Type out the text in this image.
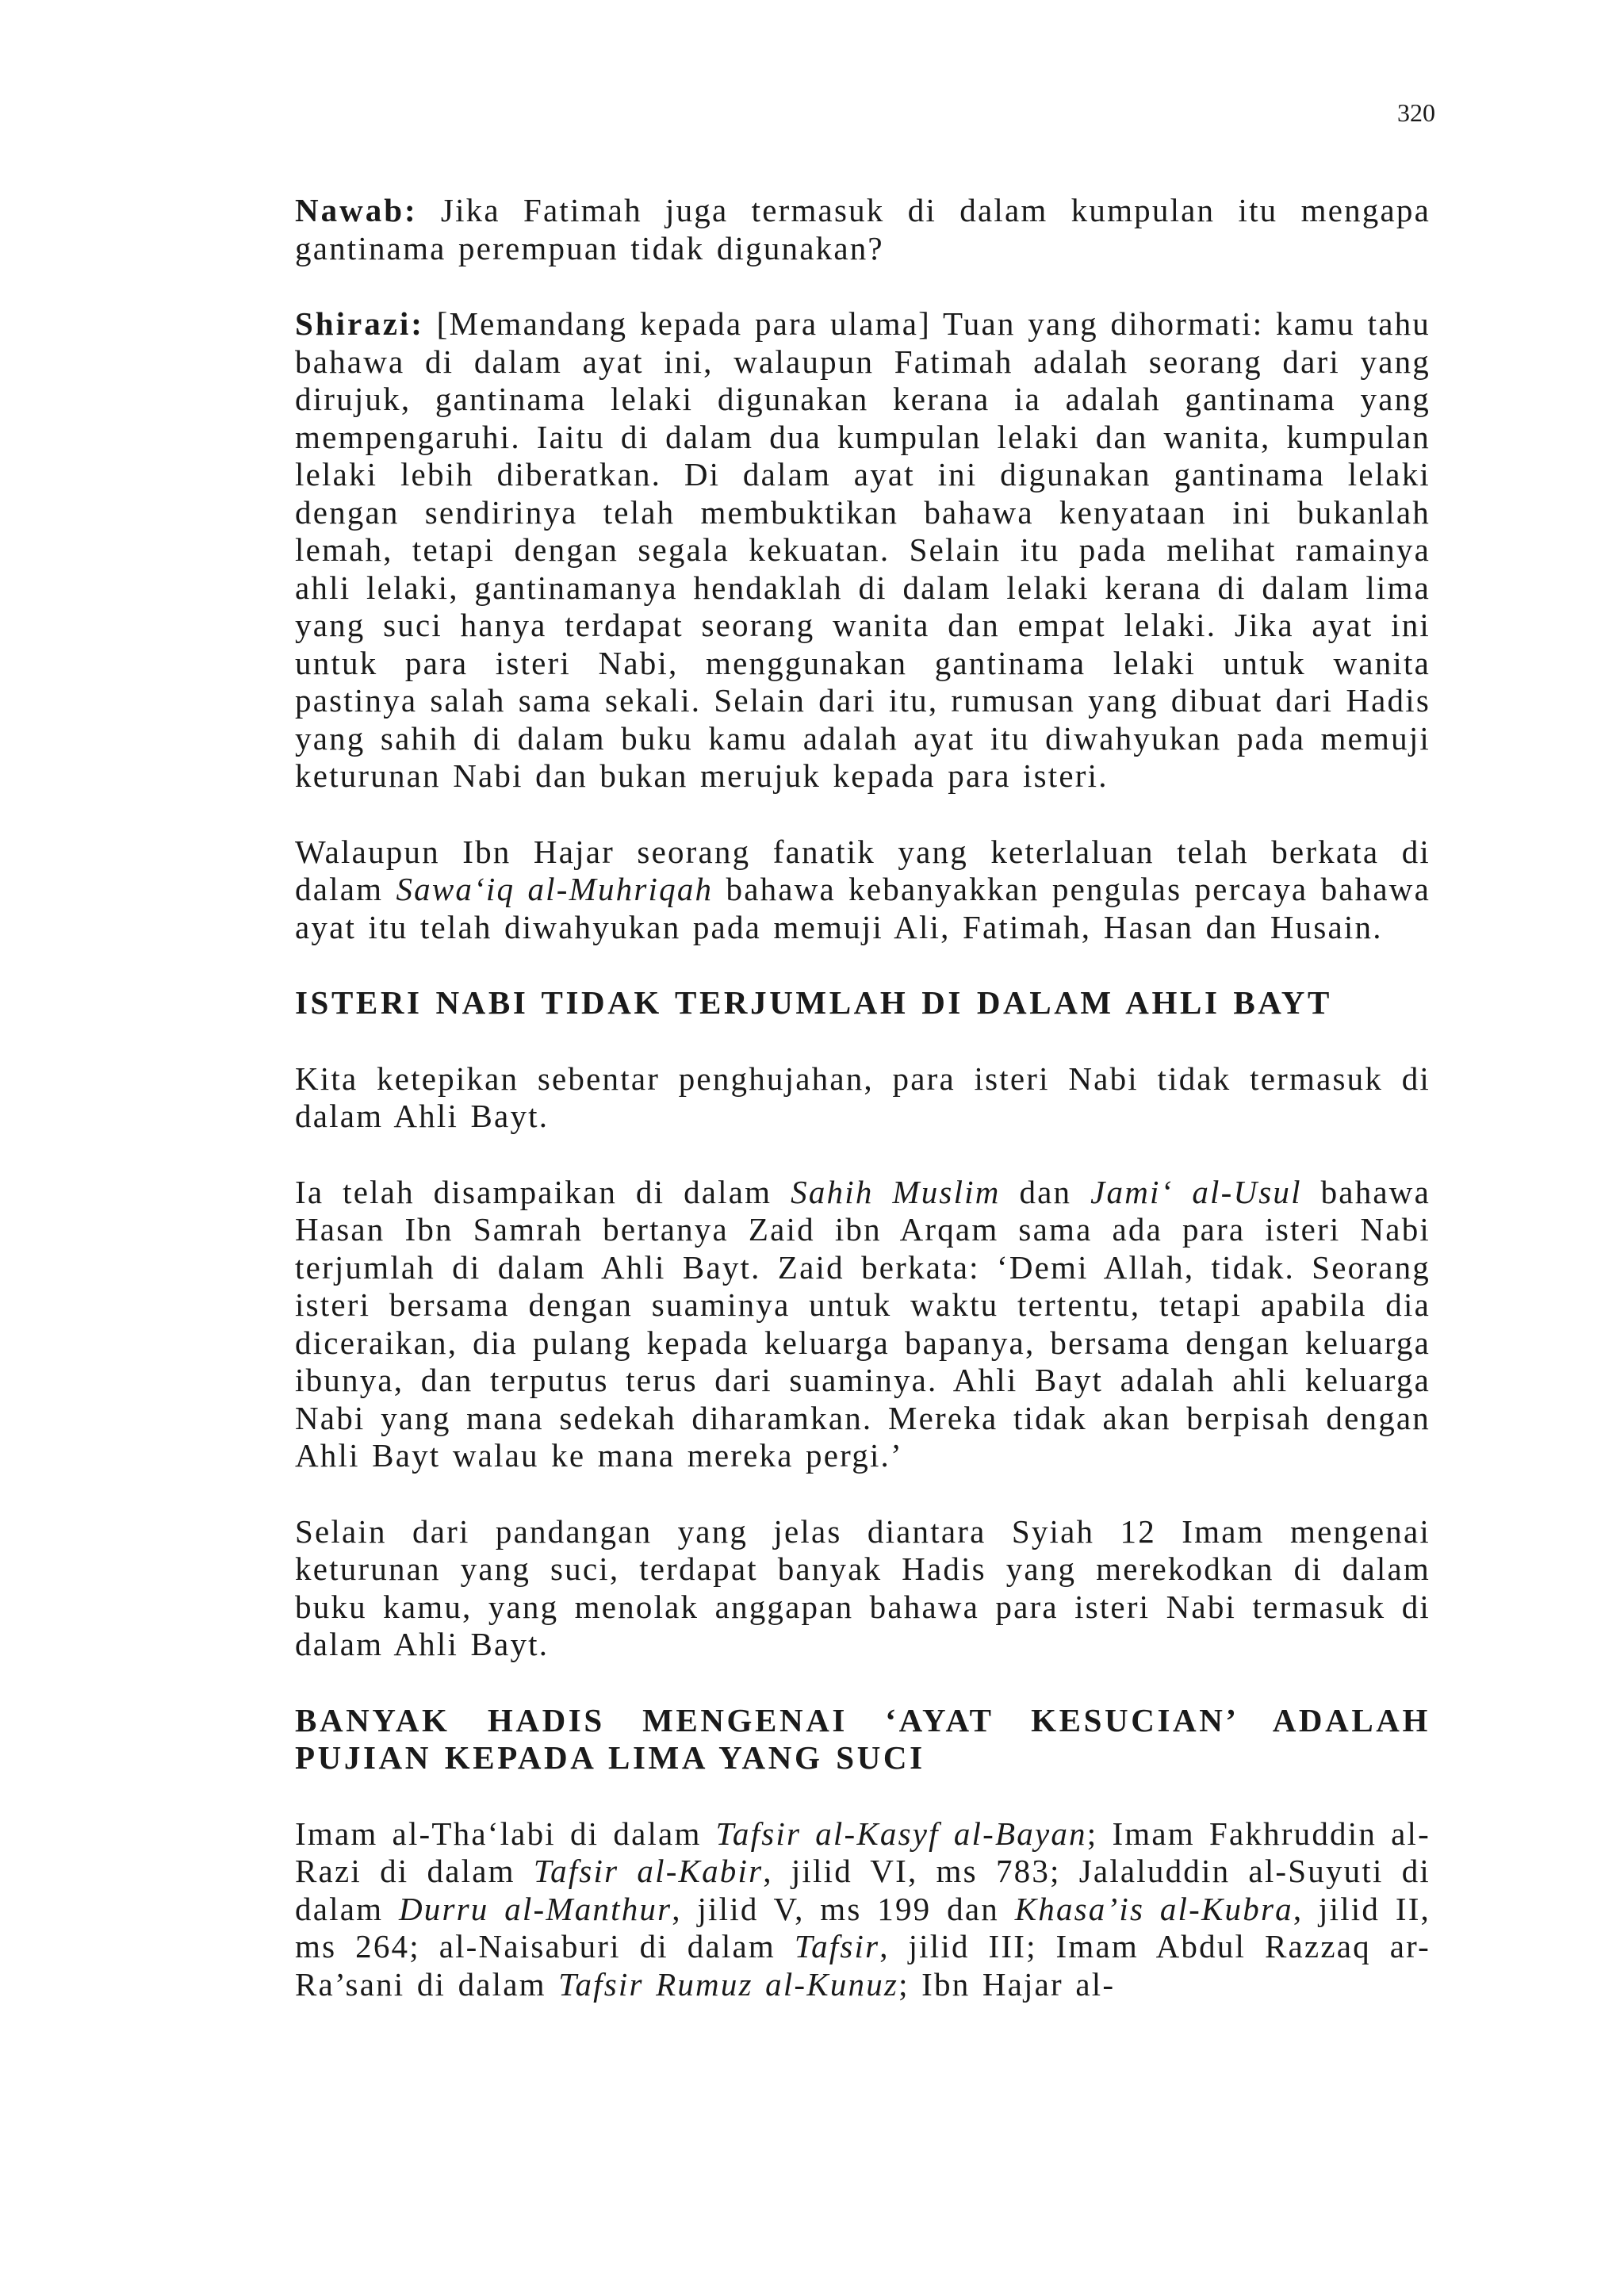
320

Nawab: Jika Fatimah juga termasuk di dalam kumpulan itu mengapa gantinama perempuan tidak digunakan?

Shirazi: [Memandang kepada para ulama] Tuan yang dihormati: kamu tahu bahawa di dalam ayat ini, walaupun Fatimah adalah seorang dari yang dirujuk, gantinama lelaki digunakan kerana ia adalah gantinama yang mempengaruhi. Iaitu di dalam dua kumpulan lelaki dan wanita, kumpulan lelaki lebih diberatkan. Di dalam ayat ini digunakan gantinama lelaki dengan sendirinya telah membuktikan bahawa kenyataan ini bukanlah lemah, tetapi dengan segala kekuatan. Selain itu pada melihat ramainya ahli lelaki, gantinamanya hendaklah di dalam lelaki kerana di dalam lima yang suci hanya terdapat seorang wanita dan empat lelaki. Jika ayat ini untuk para isteri Nabi, menggunakan gantinama lelaki untuk wanita pastinya salah sama sekali. Selain dari itu, rumusan yang dibuat dari Hadis yang sahih di dalam buku kamu adalah ayat itu diwahyukan pada memuji keturunan Nabi dan bukan merujuk kepada para isteri.

Walaupun Ibn Hajar seorang fanatik yang keterlaluan telah berkata di dalam Sawa‘iq al-Muhriqah bahawa kebanyakkan pengulas percaya bahawa ayat itu telah diwahyukan pada memuji Ali, Fatimah, Hasan dan Husain.

ISTERI NABI TIDAK TERJUMLAH DI DALAM AHLI BAYT

Kita ketepikan sebentar penghujahan, para isteri Nabi tidak termasuk di dalam Ahli Bayt.

Ia telah disampaikan di dalam Sahih Muslim dan Jami‘ al-Usul bahawa Hasan Ibn Samrah bertanya Zaid ibn Arqam sama ada para isteri Nabi terjumlah di dalam Ahli Bayt. Zaid berkata: ‘Demi Allah, tidak. Seorang isteri bersama dengan suaminya untuk waktu tertentu, tetapi apabila dia diceraikan, dia pulang kepada keluarga bapanya, bersama dengan keluarga ibunya, dan terputus terus dari suaminya. Ahli Bayt adalah ahli keluarga Nabi yang mana sedekah diharamkan. Mereka tidak akan berpisah dengan Ahli Bayt walau ke mana mereka pergi.’

Selain dari pandangan yang jelas diantara Syiah 12 Imam mengenai keturunan yang suci, terdapat banyak Hadis yang merekodkan di dalam buku kamu, yang menolak anggapan bahawa para isteri Nabi termasuk di dalam Ahli Bayt.

BANYAK HADIS MENGENAI ‘AYAT KESUCIAN’ ADALAH PUJIAN KEPADA LIMA YANG SUCI

Imam al-Tha‘labi di dalam Tafsir al-Kasyf al-Bayan; Imam Fakhruddin al-Razi di dalam Tafsir al-Kabir, jilid VI, ms 783; Jalaluddin al-Suyuti di dalam Durru al-Manthur, jilid V, ms 199 dan Khasa’is al-Kubra, jilid II, ms 264; al-Naisaburi di dalam Tafsir, jilid III; Imam Abdul Razzaq ar-Ra’sani di dalam Tafsir Rumuz al-Kunuz; Ibn Hajar al-
